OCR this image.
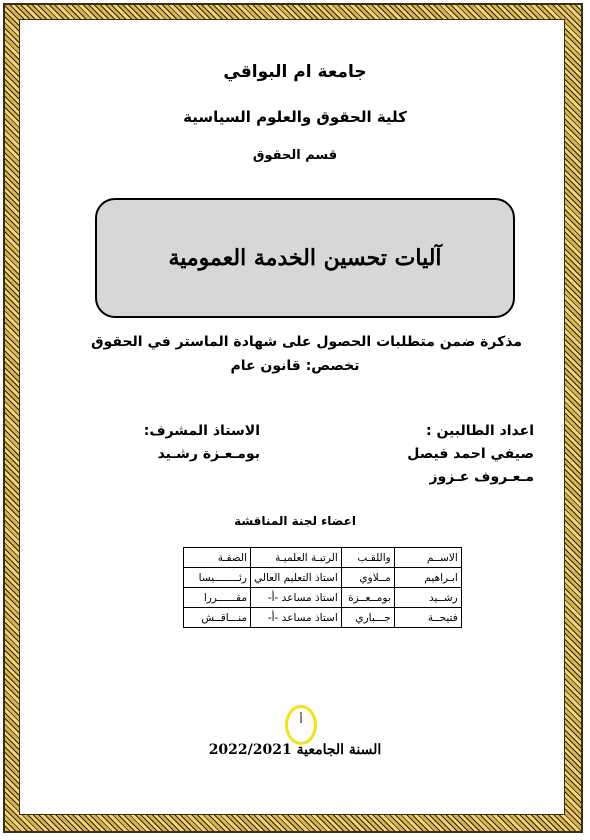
جامعة ام البواقي
كلية الحقوق والعلوم السياسية
قسم الحقوق
آليات تحسين الخدمة العمومية
مذكرة ضمن متطلبات الحصول على شهادة الماستر في الحقوق
تخصص: قانون عام
اعداد الطالبين :
صيفي احمد فيصل
مـعـروف عـزوز
الاستاذ المشرف:
بومـعـزة رشـيد
اعضاء لجنة المناقشة
الاســم	واللقـب	الرتبـة العلميـة	الصفـة
ابـراهيم	مــلاوي	استاذ التعليم العالي	رئــــــــيسا
رشــيد	بومــعــزة	استاذ مساعد -أ-	مقــــــررا
فتيحــة	جـــباري	استاذ مساعد -أ-	منـــاقــش
أ
السنة الجامعية 2022/2021
